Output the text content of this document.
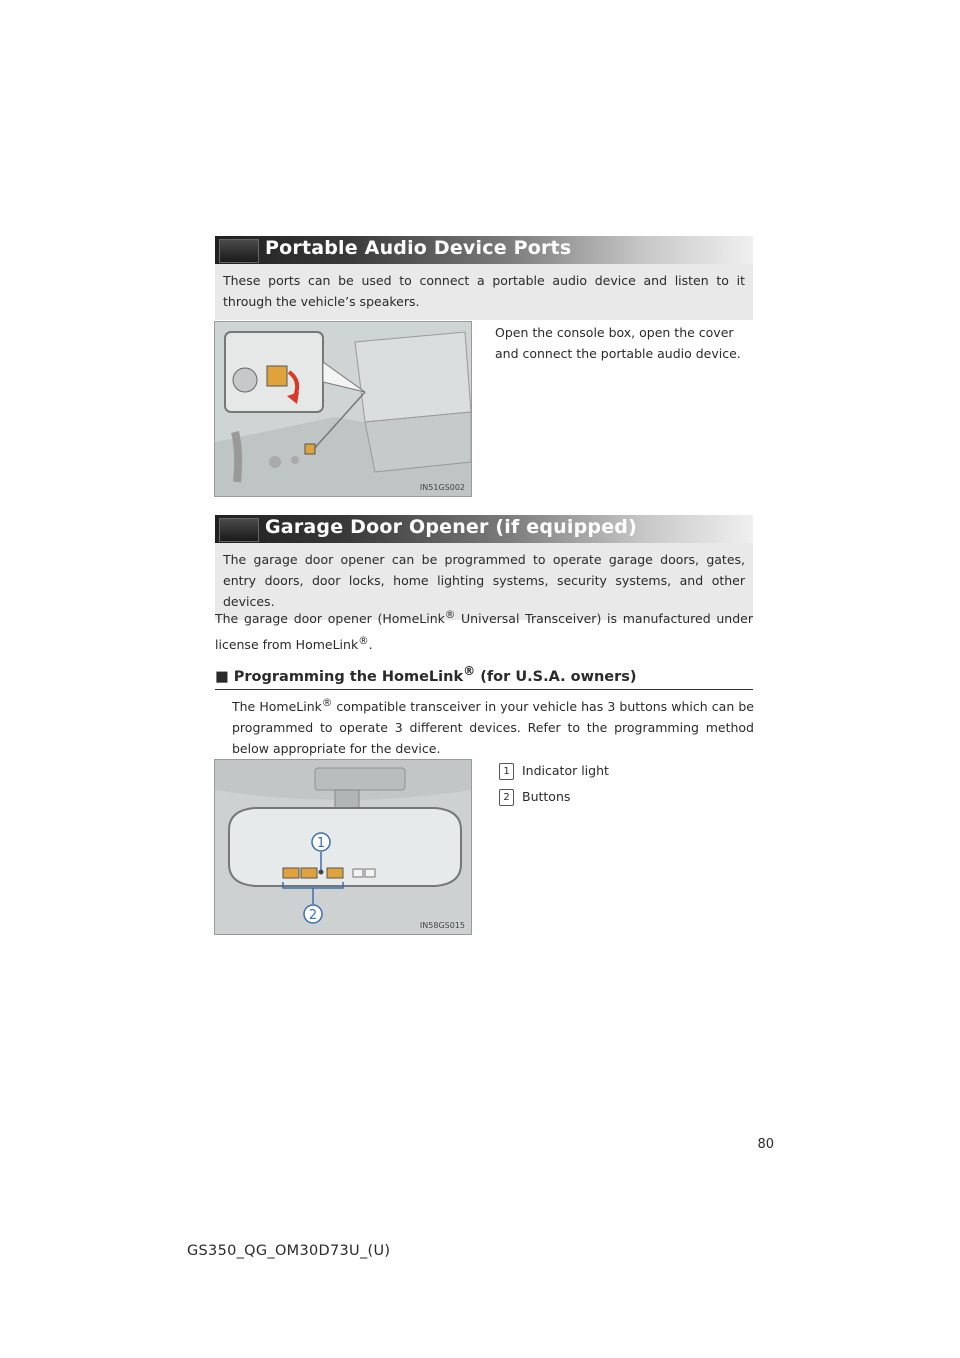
Portable Audio Device Ports
These ports can be used to connect a portable audio device and listen to it through the vehicle’s speakers.
IN51GS002
Open the console box, open the cover and connect the portable audio device.
Garage Door Opener (if equipped)
The garage door opener can be programmed to operate garage doors, gates, entry doors, door locks, home lighting systems, security systems, and other devices.
The garage door opener (HomeLink® Universal Transceiver) is manufactured under license from HomeLink®.
■ Programming the HomeLink® (for U.S.A. owners)
The HomeLink® compatible transceiver in your vehicle has 3 buttons which can be programmed to operate 3 different devices. Refer to the programming method below appropriate for the device.
1
2
IN58GS015
1 Indicator light
2 Buttons
80
GS350_QG_OM30D73U_(U)
